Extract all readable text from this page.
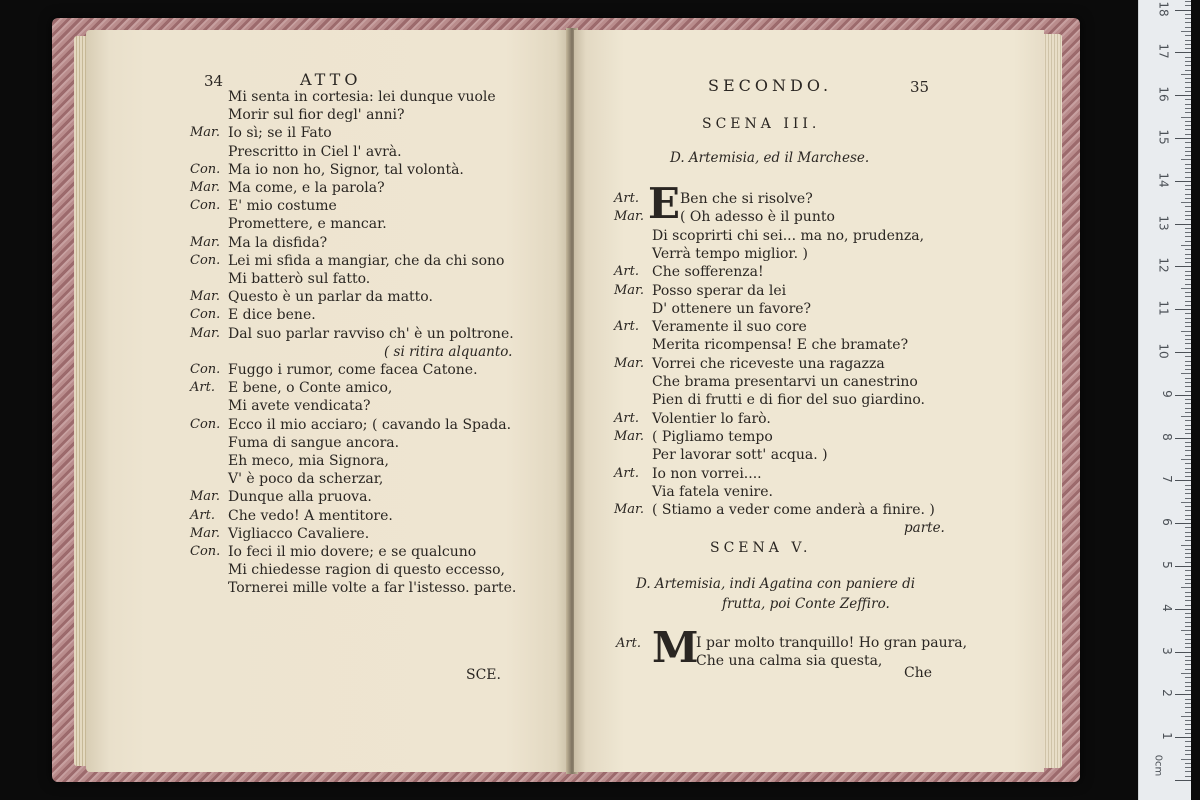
34	ATTO
Mi senta in cortesia: lei dunque vuole
Morir sul fior degl' anni?
Mar. Io sì; se il Fato
Prescritto in Ciel l' avrà.
Con. Ma io non ho, Signor, tal volontà.
Mar. Ma come, e la parola?
Con. E' mio costume
Promettere, e mancar.
Mar. Ma la disfida?
Con. Lei mi sfida a mangiar, che da chi sono
Mi batterò sul fatto.
Mar. Questo è un parlar da matto.
Con. E dice bene.
Mar. Dal suo parlar ravviso ch' è un poltrone.
( si ritira alquanto.
Con. Fuggo i rumor, come facea Catone.
Art. E bene, o Conte amico,
Mi avete vendicata?
Con. Ecco il mio acciaro; ( cavando la Spada.
Fuma di sangue ancora.
Eh meco, mia Signora,
V' è poco da scherzar,
Mar. Dunque alla pruova.
Art. Che vedo! A mentitore.
Mar. Vigliacco Cavaliere.
Con. Io feci il mio dovere; e se qualcuno
Mi chiedesse ragion di questo eccesso,
Tornerei mille volte a far l'istesso. parte.
SCE.
SECONDO.	35
SCENA III.
D. Artemisia, ed il Marchese.
E
Art.	Ben che si risolve?
Mar.	( Oh adesso è il punto
Di scoprirti chi sei... ma no, prudenza,
Verrà tempo miglior. )
Art. Che sofferenza!
Mar. Posso sperar da lei
D' ottenere un favore?
Art. Veramente il suo core
Merita ricompensa! E che bramate?
Mar. Vorrei che riceveste una ragazza
Che brama presentarvi un canestrino
Pien di frutti e di fior del suo giardino.
Art. Volentier lo farò.
Mar. ( Pigliamo tempo
Per lavorar sott' acqua. )
Art. Io non vorrei....
Via fatela venire.
Mar. ( Stiamo a veder come anderà a finire. )
parte.
SCENA V.
D. Artemisia, indi Agatina con paniere di
frutta, poi Conte Zeffiro.
Art. M
I par molto tranquillo! Ho gran paura,
Che una calma sia questa,
Che
0cm
1
2
3
4
5
6
7
8
9
10
11
12
13
14
15
16
17
18
